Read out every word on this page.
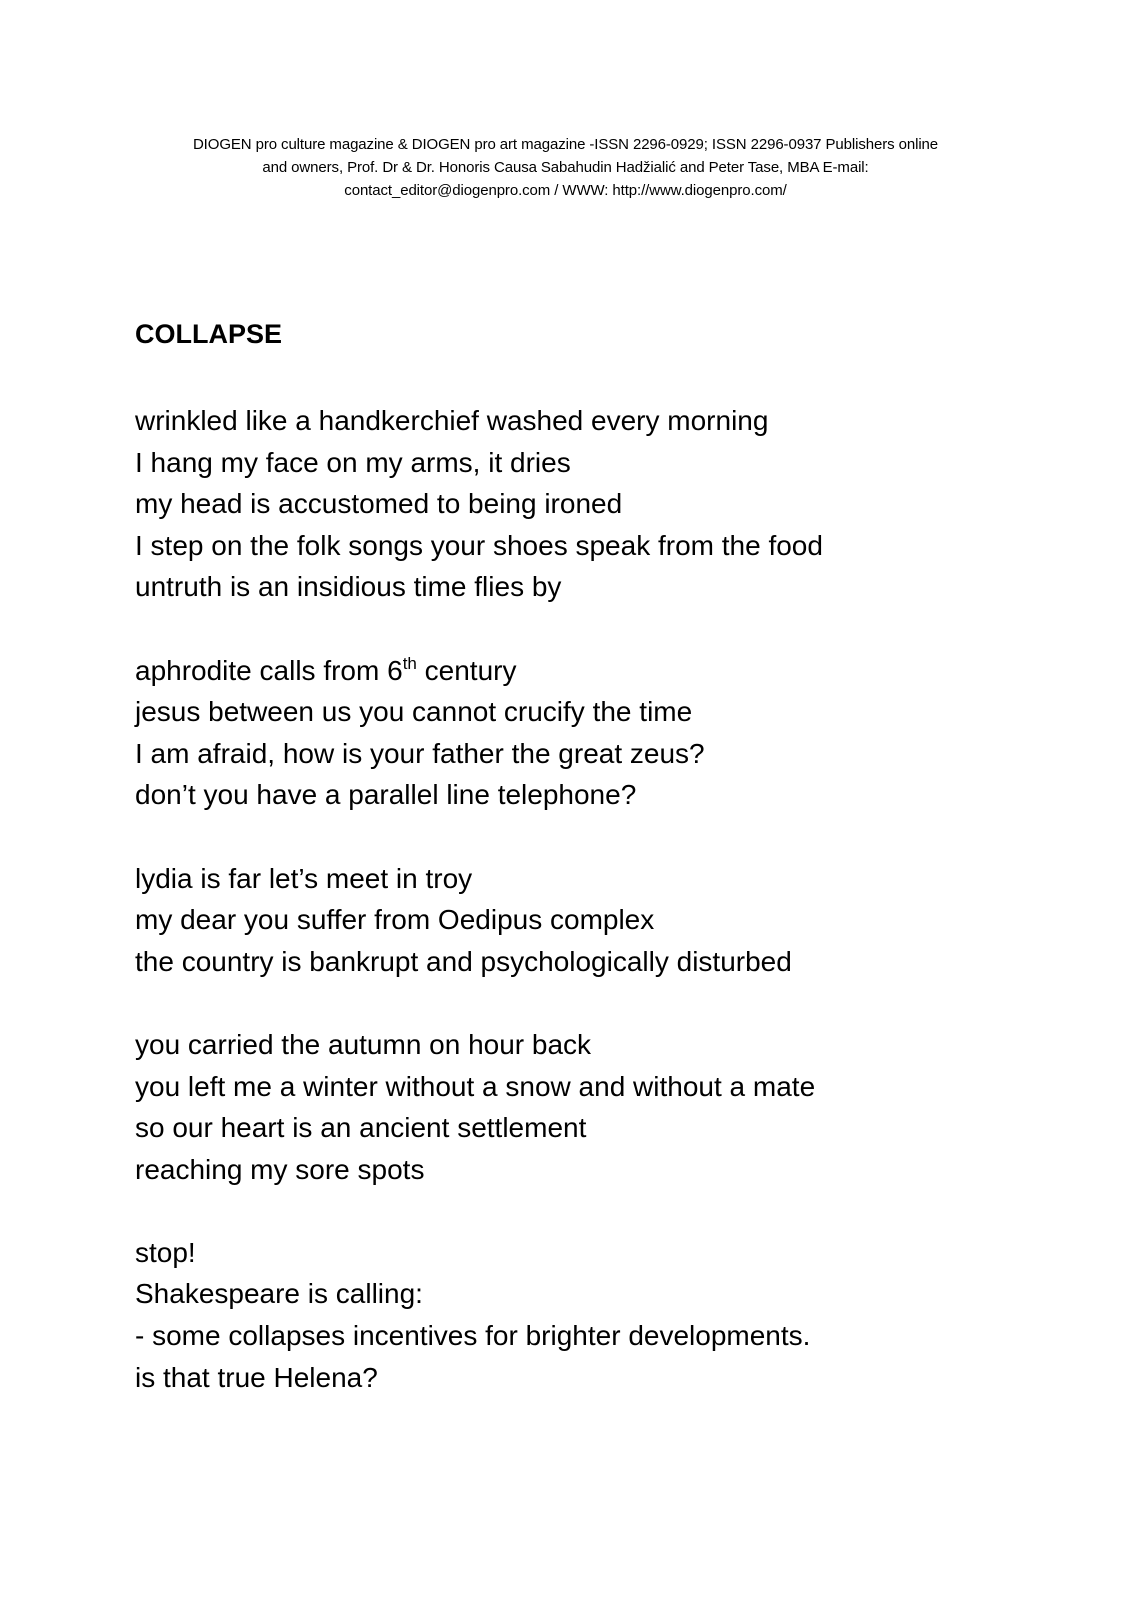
DIOGEN pro culture magazine & DIOGEN pro art magazine -ISSN 2296-0929; ISSN 2296-0937 Publishers online
and owners, Prof. Dr & Dr. Honoris Causa Sabahudin Hadžialić and Peter Tase, MBA E-mail:
contact_editor@diogenpro.com / WWW: http://www.diogenpro.com/
COLLAPSE
wrinkled like a handkerchief washed every morning
I hang my face on my arms, it dries
my head is accustomed to being ironed
I step on the folk songs your shoes speak from the food
untruth is an insidious time flies by
aphrodite calls from 6th century
jesus between us you cannot crucify the time
I am afraid, how is your father the great zeus?
don’t you have a parallel line telephone?
lydia is far let’s meet in troy
my dear you suffer from Oedipus complex
the country is bankrupt and psychologically disturbed
you carried the autumn on hour back
you left me a winter without a snow and without a mate
so our heart is an ancient settlement
reaching my sore spots
stop!
Shakespeare is calling:
- some collapses incentives for brighter developments.
is that true Helena?
